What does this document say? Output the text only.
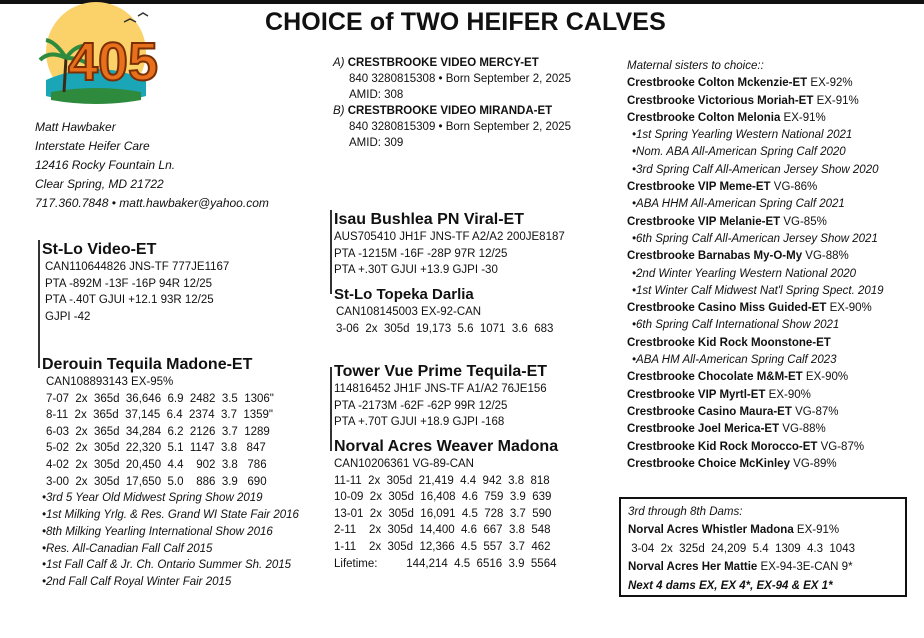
405
CHOICE of TWO HEIFER CALVES
Matt Hawbaker
Interstate Heifer Care
12416 Rocky Fountain Ln.
Clear Spring, MD 21722
717.360.7848 • matt.hawbaker@yahoo.com
St-Lo Video-ET
CAN110644826 JNS-TF 777JE1167
PTA -892M -13F -16P 94R 12/25
PTA -.40T GJUI +12.1 93R 12/25
GJPI -42
Derouin Tequila Madone-ET
CAN108893143 EX-95%
7-07  2x  365d  36,646  6.9  2482  3.5  1306"
8-11  2x  365d  37,145  6.4  2374  3.7  1359"
6-03  2x  365d  34,284  6.2  2126  3.7  1289
5-02  2x  305d  22,320  5.1  1147  3.8   847
4-02  2x  305d  20,450  4.4    902  3.8   786
3-00  2x  305d  17,650  5.0    886  3.9   690
•3rd 5 Year Old Midwest Spring Show 2019
•1st Milking Yrlg. & Res. Grand WI State Fair 2016
•8th Milking Yearling International Show 2016
•Res. All-Canadian Fall Calf 2015
•1st Fall Calf & Jr. Ch. Ontario Summer Sh. 2015
•2nd Fall Calf Royal Winter Fair 2015
A) CRESTBROOKE VIDEO MERCY-ET
840 3280815308 • Born September 2, 2025
AMID: 308
B) CRESTBROOKE VIDEO MIRANDA-ET
840 3280815309 • Born September 2, 2025
AMID: 309
Isau Bushlea PN Viral-ET
AUS705410 JH1F JNS-TF A2/A2 200JE8187
PTA -1215M -16F -28P 97R 12/25
PTA +.30T GJUI +13.9 GJPI -30
St-Lo Topeka Darlia
CAN108145003 EX-92-CAN
3-06  2x  305d  19,173  5.6  1071  3.6  683
Tower Vue Prime Tequila-ET
114816452 JH1F JNS-TF A1/A2 76JE156
PTA -2173M -62F -62P 99R 12/25
PTA +.70T GJUI +18.9 GJPI -168
Norval Acres Weaver Madona
CAN10206361 VG-89-CAN
11-11  2x  305d  21,419  4.4  942  3.8  818
10-09  2x  305d  16,408  4.6  759  3.9  639
13-01  2x  305d  16,091  4.5  728  3.7  590
2-11    2x  305d  14,400  4.6  667  3.8  548
1-11    2x  305d  12,366  4.5  557  3.7  462
Lifetime:         144,214  4.5  6516  3.9  5564
Maternal sisters to choice::
Crestbrooke Colton Mckenzie-ET EX-92%
Crestbrooke Victorious Moriah-ET EX-91%
Crestbrooke Colton Melonia EX-91%
•1st Spring Yearling Western National 2021
•Nom. ABA All-American Spring Calf 2020
•3rd Spring Calf All-American Jersey Show 2020
Crestbrooke VIP Meme-ET VG-86%
•ABA HHM All-American Spring Calf 2021
Crestbrooke VIP Melanie-ET VG-85%
•6th Spring Calf All-American Jersey Show 2021
Crestbrooke Barnabas My-O-My VG-88%
•2nd Winter Yearling Western National 2020
•1st Winter Calf Midwest Nat'l Spring Spect. 2019
Crestbrooke Casino Miss Guided-ET EX-90%
•6th Spring Calf International Show 2021
Crestbrooke Kid Rock Moonstone-ET
•ABA HM All-American Spring Calf 2023
Crestbrooke Chocolate M&M-ET EX-90%
Crestbrooke VIP Myrtl-ET EX-90%
Crestbrooke Casino Maura-ET VG-87%
Crestbrooke Joel Merica-ET VG-88%
Crestbrooke Kid Rock Morocco-ET VG-87%
Crestbrooke Choice McKinley VG-89%
3rd through 8th Dams:
Norval Acres Whistler Madona EX-91%
3-04  2x  325d  24,209  5.4  1309  4.3  1043
Norval Acres Her Mattie EX-94-3E-CAN 9*
Next 4 dams EX, EX 4*, EX-94 & EX 1*
